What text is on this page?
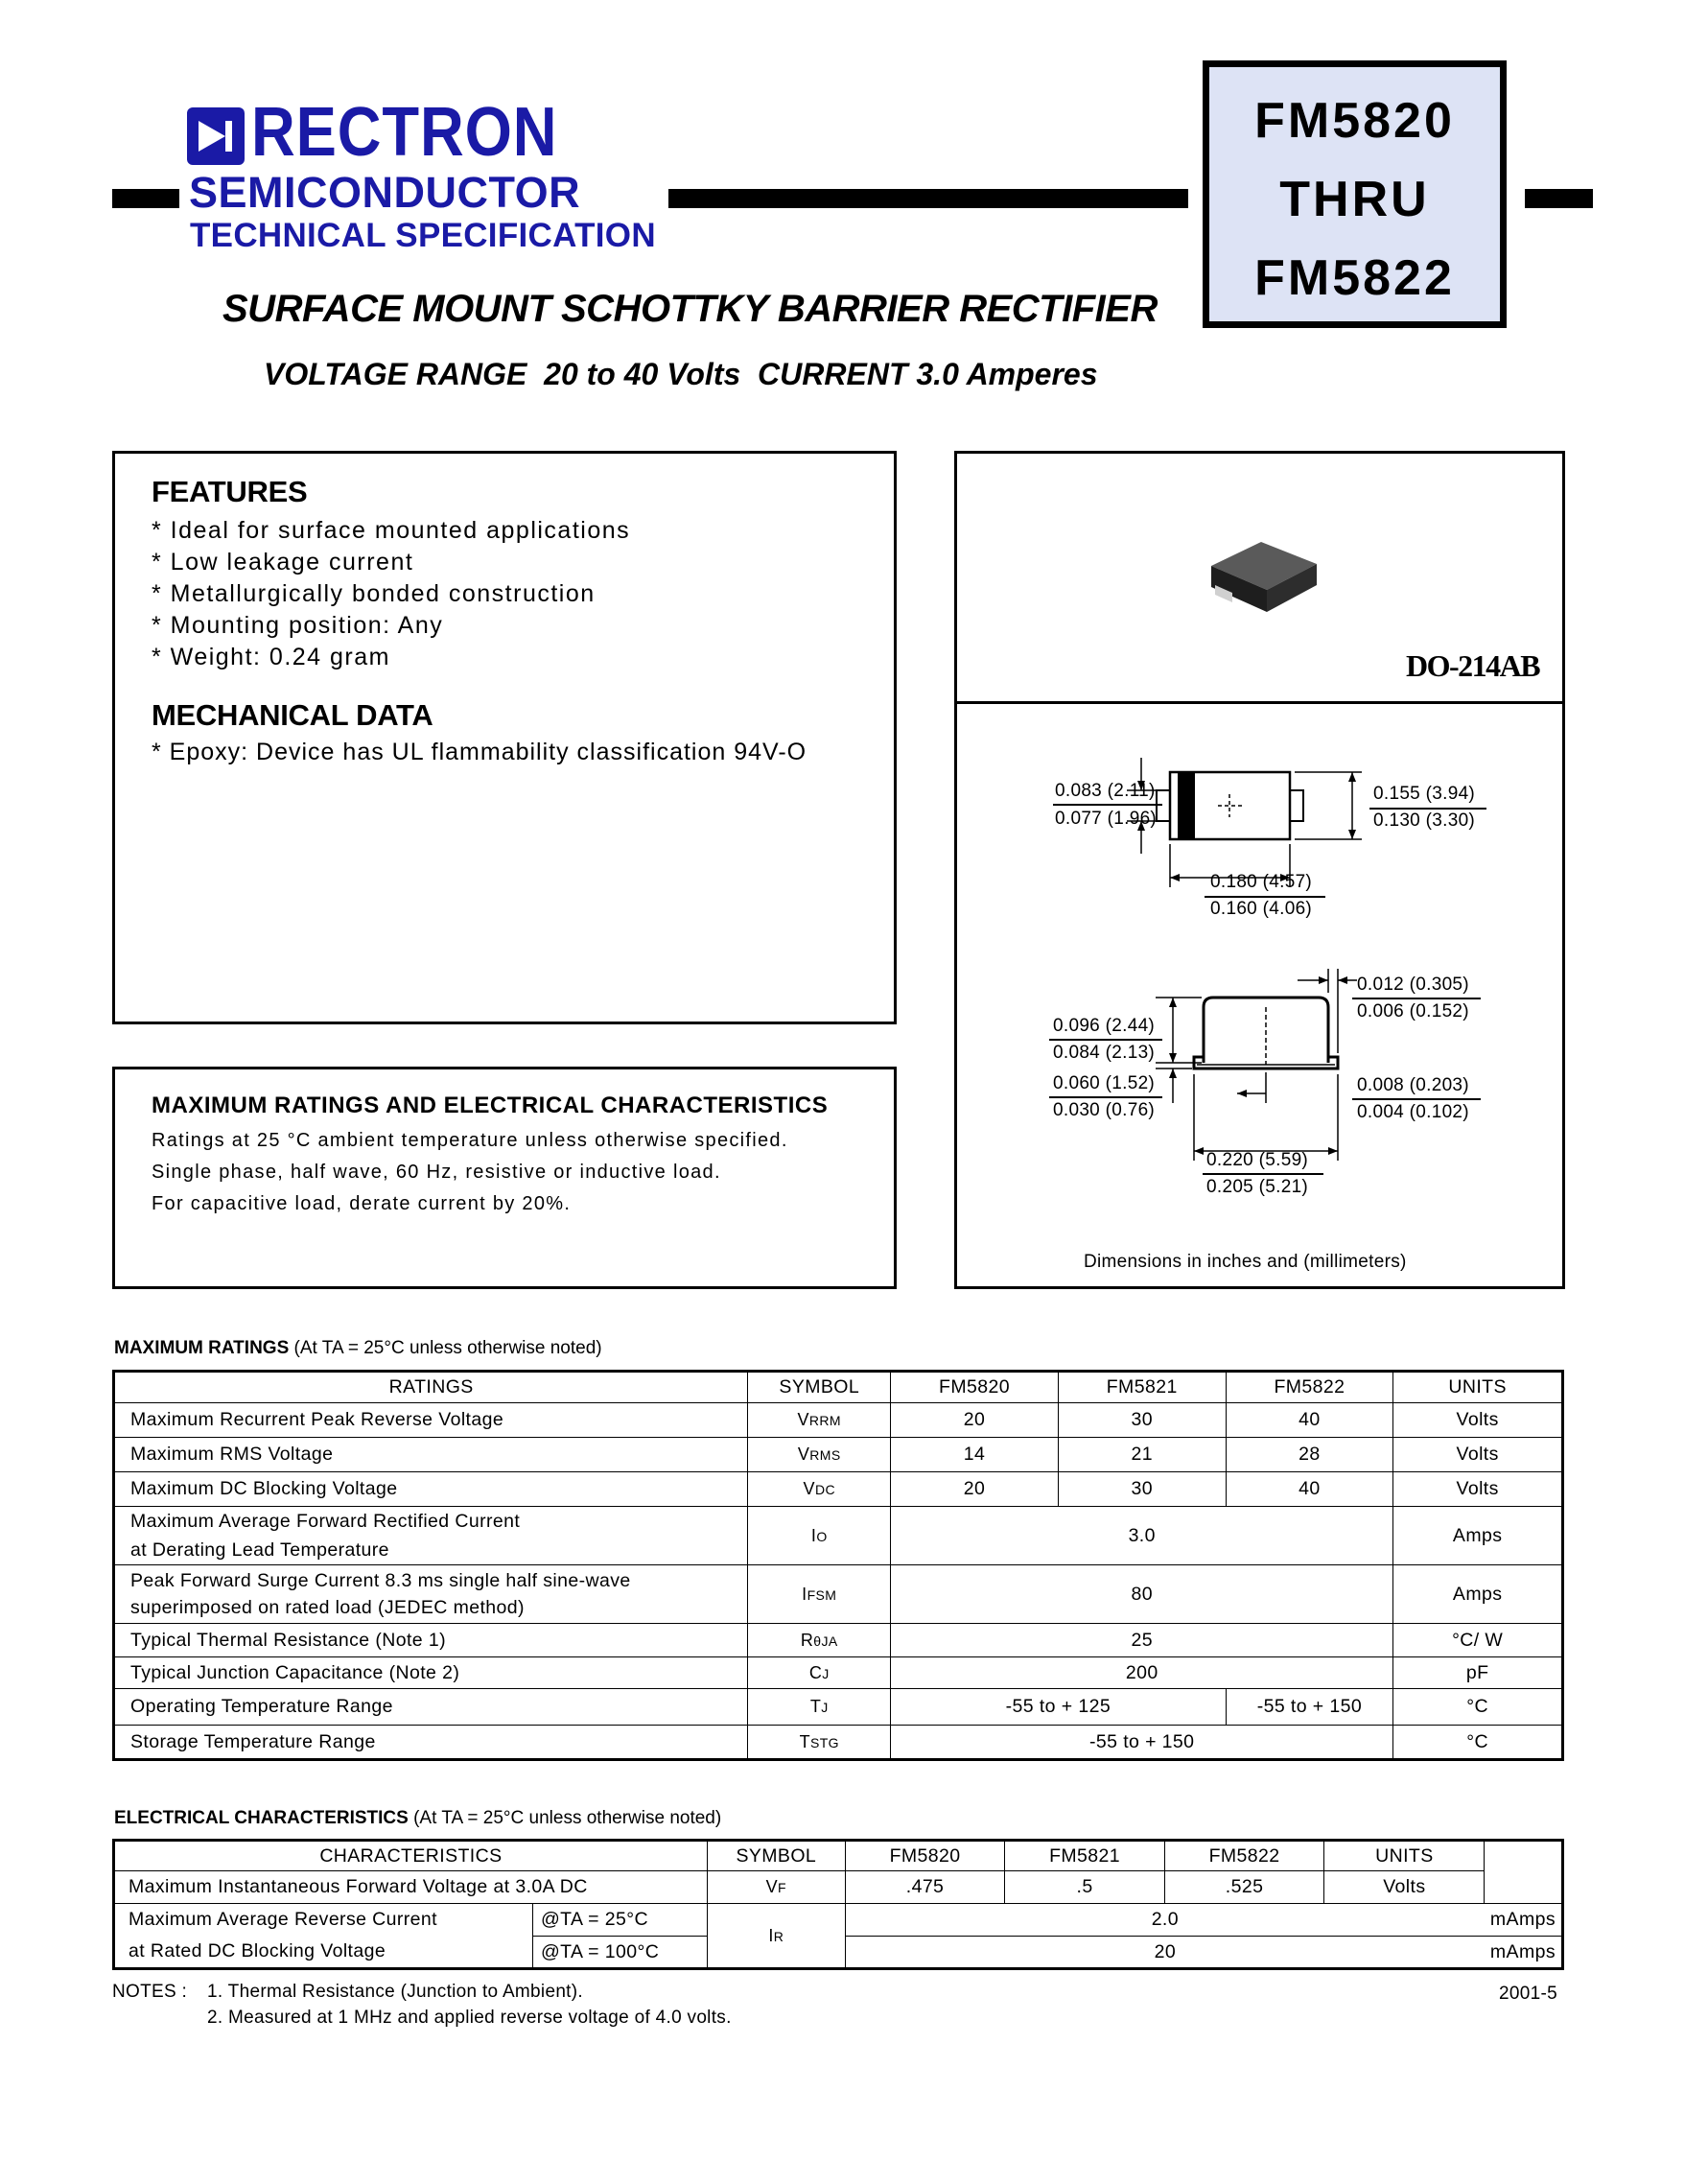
RECTRON
SEMICONDUCTOR
TECHNICAL SPECIFICATION
FM5820
THRU
FM5822
SURFACE MOUNT SCHOTTKY BARRIER RECTIFIER
VOLTAGE RANGE  20 to 40 Volts  CURRENT 3.0 Amperes
FEATURES
* Ideal for surface mounted applications
* Low leakage current
* Metallurgically bonded construction
* Mounting position: Any
* Weight: 0.24 gram
MECHANICAL DATA
* Epoxy: Device has UL flammability classification 94V-O
MAXIMUM RATINGS AND ELECTRICAL CHARACTERISTICS
Ratings at 25 °C ambient temperature unless otherwise specified.
Single phase, half wave, 60 Hz, resistive or inductive load.
For capacitive load, derate current by 20%.
DO-214AB
0.083 (2.11)
0.077 (1.96)
0.155 (3.94)
0.130 (3.30)
0.180 (4.57)
0.160 (4.06)
0.012 (0.305)
0.006 (0.152)
0.096 (2.44)
0.084 (2.13)
0.060 (1.52)
0.030 (0.76)
0.008 (0.203)
0.004 (0.102)
0.220 (5.59)
0.205 (5.21)
Dimensions in inches and (millimeters)
MAXIMUM RATINGS (At TA = 25°C unless otherwise noted)
RATINGS	SYMBOL	FM5820	FM5821	FM5822	UNITS
Maximum Recurrent Peak Reverse Voltage	VRRM	20	30	40	Volts
Maximum RMS Voltage	VRMS	14	21	28	Volts
Maximum DC Blocking Voltage	VDC	20	30	40	Volts

Maximum Average Forward Rectified Current
at Derating Lead Temperature	IO	3.0			Amps

Peak Forward Surge Current 8.3 ms single half sine-wave
superimposed on rated load (JEDEC method)	IFSM	80			Amps
Typical Thermal Resistance (Note 1)	RθJA	25			°C/ W
Typical Junction Capacitance (Note 2)	CJ	200			pF
Operating Temperature Range	TJ	-55 to + 125		-55 to + 150	°C
Storage Temperature Range	TSTG	-55 to + 150			°C
ELECTRICAL CHARACTERISTICS (At TA = 25°C unless otherwise noted)
CHARACTERISTICS		SYMBOL	FM5820	FM5821	FM5822	UNITS	
Maximum Instantaneous Forward Voltage at 3.0A DC		VF	.475	.5	.525	Volts	
Maximum Average Reverse Current	@TA = 25°C	IR	2.0				mAmps
at Rated DC Blocking Voltage	@TA = 100°C		20				mAmps
NOTES : 1. Thermal Resistance (Junction to Ambient).
2. Measured at 1 MHz and applied reverse voltage of 4.0 volts.
2001-5
